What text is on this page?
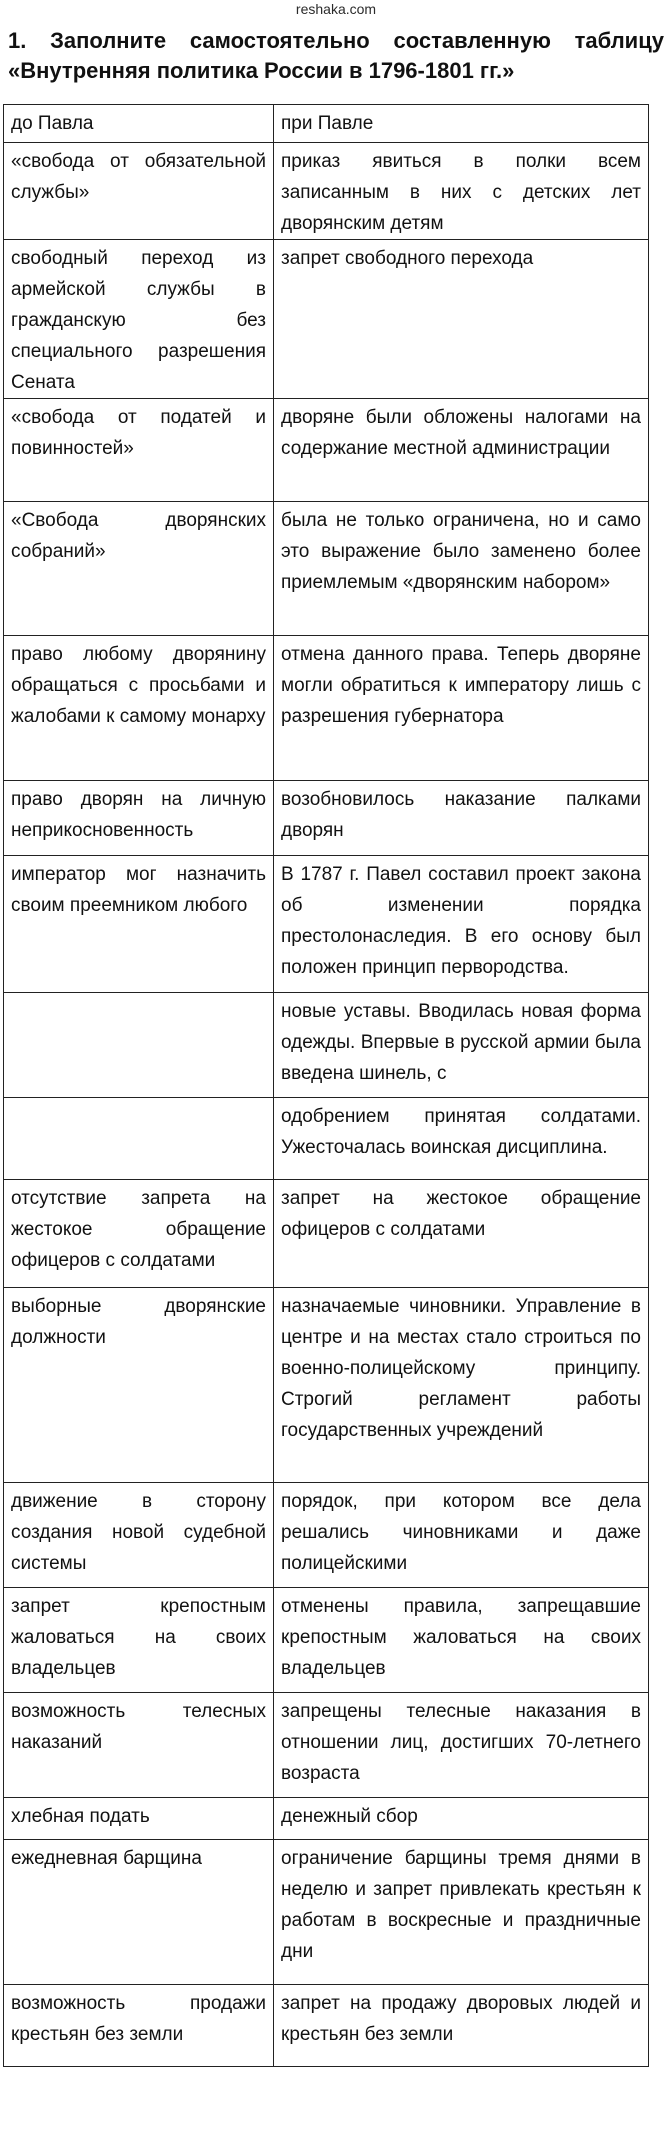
reshaka.com
1. Заполните самостоятельно составленную таблицу
«Внутренняя политика России в 1796-1801 гг.»
до Павла	при Павле

«свобода от обязательной службы»	приказ явиться в полки всем записанным в них с детских лет дворянским детям

свободный переход из армейской службы в гражданскую без специального разрешения Сената	запрет свободного перехода

«свобода от податей и повинностей»	дворяне были обложены налогами на содержание местной администрации

«Свобода дворянских собраний»	была не только ограничена, но и само это выражение было заменено более приемлемым «дворянским набором»

право любому дворянину обращаться с просьбами и жалобами к самому монарху	отмена данного права. Теперь дворяне могли обратиться к императору лишь с разрешения губернатора

право дворян на личную неприкосновенность	возобновилось наказание палками дворян

император мог назначить своим преемником любого	В 1787 г. Павел составил проект закона об изменении порядка престолонаследия. В его основу был положен принцип первородства.

	новые уставы. Вводилась новая форма одежды. Впервые в русской армии была введена шинель, с

	одобрением принятая солдатами. Ужесточалась воинская дисциплина.

отсутствие запрета на жестокое обращение офицеров с солдатами	запрет на жестокое обращение офицеров с солдатами

выборные дворянские должности	назначаемые чиновники. Управление в центре и на местах стало строиться по военно-полицейскому принципу. Строгий регламент работы государственных учреждений

движение в сторону создания новой судебной системы	порядок, при котором все дела решались чиновниками и даже полицейскими

запрет крепостным жаловаться на своих владельцев	отменены правила, запрещавшие крепостным жаловаться на своих владельцев

возможность телесных наказаний	запрещены телесные наказания в отношении лиц, достигших 70-летнего возраста

хлебная подать	денежный сбор

ежедневная барщина	ограничение барщины тремя днями в неделю и запрет привлекать крестьян к работам в воскресные и праздничные дни

возможность продажи крестьян без земли	запрет на продажу дворовых людей и крестьян без земли
